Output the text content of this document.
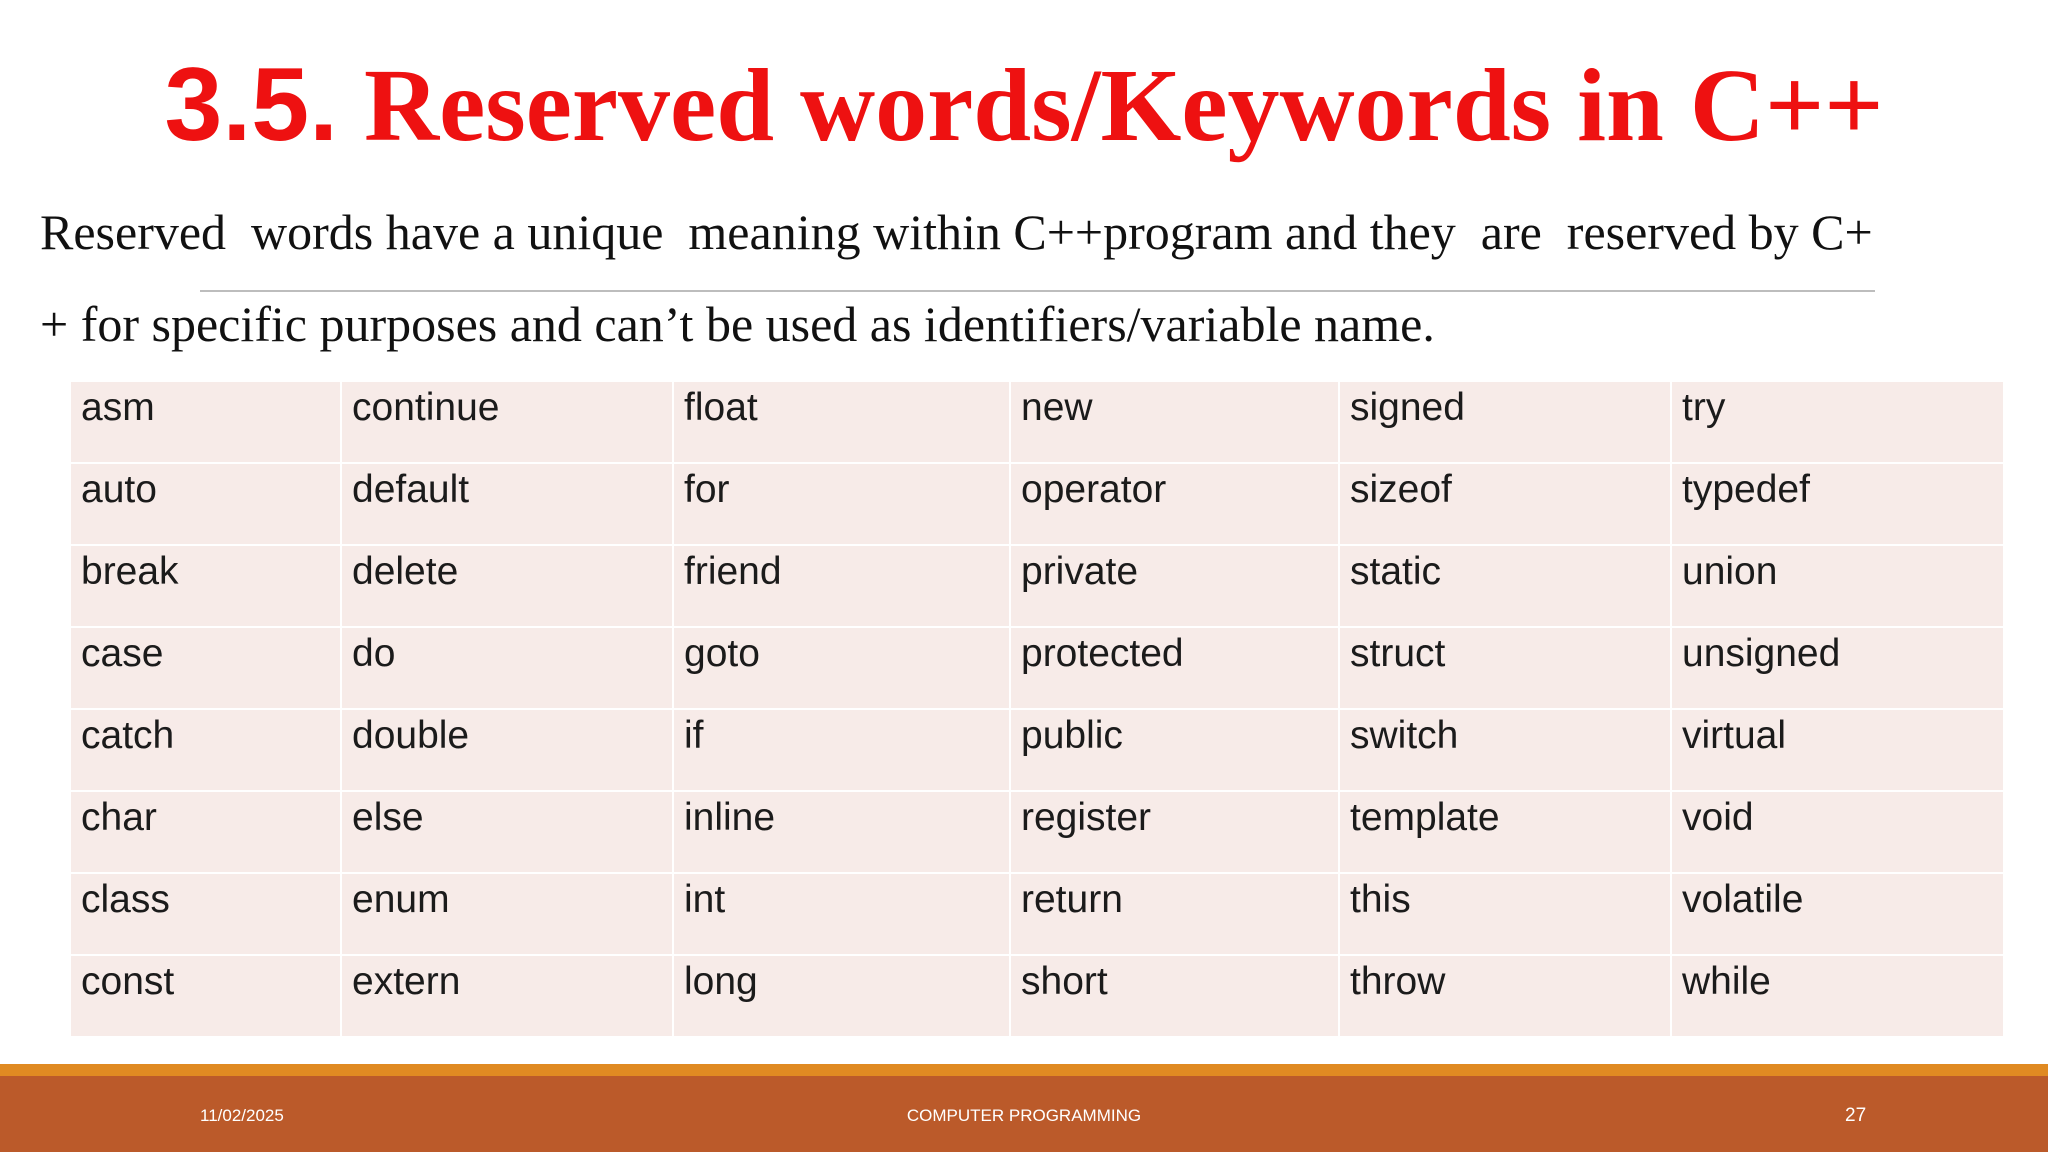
3.5. Reserved words/Keywords in C++
Reserved  words have a unique  meaning within C++program and they  are  reserved by C+
+ for specific purposes and can’t be used as identifiers/variable name.
asm	continue	float	new	signed	try

auto	default	for	operator	sizeof	typedef

break	delete	friend	private	static	union

case	do	goto	protected	struct	unsigned

catch	double	if	public	switch	virtual

char	else	inline	register	template	void

class	enum	int	return	this	volatile

const	extern	long	short	throw	while
11/02/2025	COMPUTER PROGRAMMING	27
